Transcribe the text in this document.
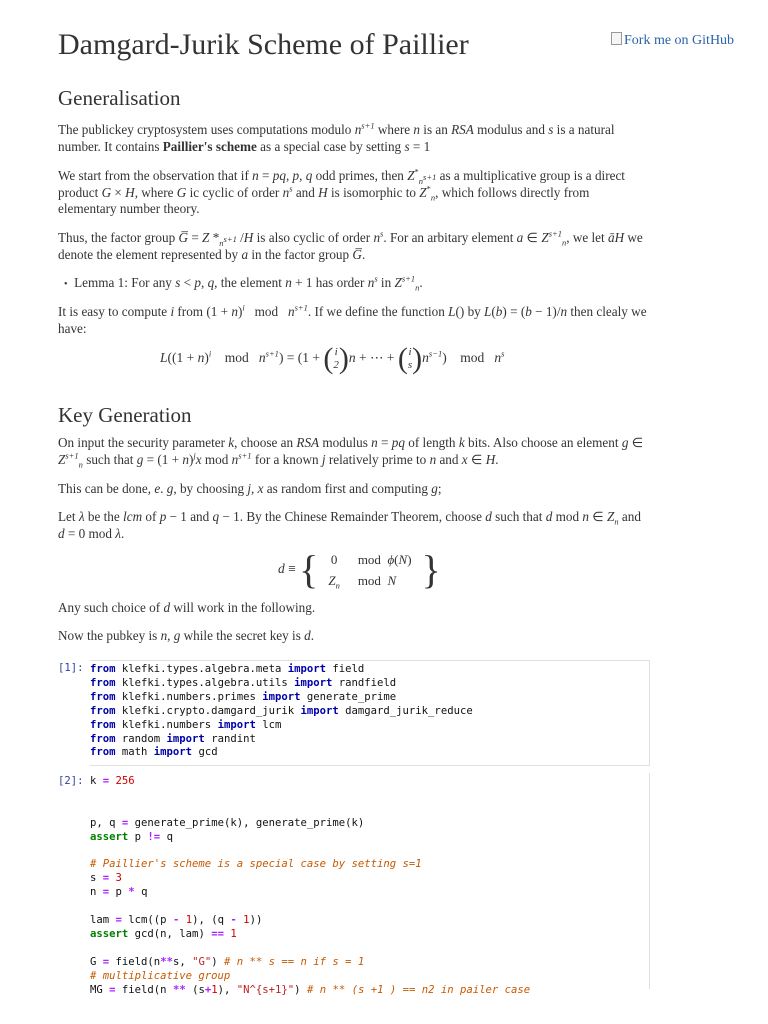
Fork me on GitHub
Damgard-Jurik Scheme of Paillier
Generalisation

The publickey cryptosystem uses computations modulo $n^{s+1}$ where n is an RSA modulus and s is a natural number. It contains Paillier's scheme as a special case by setting s = 1

We start from the observation that if n = pq, p, q odd primes, then $Z^*_{n^{s+1}}$ as a multiplicative group is a direct product G × H, where G ic cyclic of order $n^s$ and H is isomorphic to $Z^*_n$, which follows directly from elementary number theory.

Thus, the factor group G̅ = Z $*_{n^{s+1}}$ /H is also cyclic of order $n^s$. For an arbitary element a ∈ $Z^{s+1}_n$, we let āH we denote the element represented by a in the factor group G̅.

• Lemma 1: For any s < p, q, the element n + 1 has order $n^s$ in $Z^{s+1}_n$.

It is easy to compute i from $(1 + n)^i$ mod $n^{s+1}$. If we define the function L() by L(b) = (b − 1)/n then clealy we have:

$L((1 + n)^i$    mod   $n^{s+1}) = (1 + (i$
2)n + ⋯ + (i
$s)n^{s-1}$)    mod   $n^s$
Key Generation

On input the security parameter k, choose an RSA modulus n = pq of length k bits. Also choose an element g ∈ $Z^{s+1}_n$ such that $g = (1 + n)^jx$ mod $n^{s+1}$ for a known j relatively prime to n and x ∈ H.

This can be done, e. g, by choosing j, x as random first and computing g;

Let λ be the lcm of p − 1 and q − 1. By the Chinese Remainder Theorem, choose d such that d mod n ∈ $Z_n$ and d = 0 mod λ.

d ≡ { 0	mod  ϕ(N)
$Z_n$	mod  N }

Any such choice of d will work in the following.

Now the pubkey is n, g while the secret key is d.

[1]: from klefki.types.algebra.meta import field
from klefki.types.algebra.utils import randfield
from klefki.numbers.primes import generate_prime
from klefki.crypto.damgard_jurik import damgard_jurik_reduce
from klefki.numbers import lcm
from random import randint
from math import gcd
[2]: k = 256

p, q = generate_prime(k), generate_prime(k)
assert p != q

# Paillier's scheme is a special case by setting s=1
s = 3
n = p * q

lam = lcm((p - 1), (q - 1))
assert gcd(n, lam) == 1

G = field(n**s, "G") # n ** s == n if s = 1
# multiplicative group
MG = field(n ** (s+1), "N^{s+1}") # n ** (s +1 ) == n2 in pailer case
